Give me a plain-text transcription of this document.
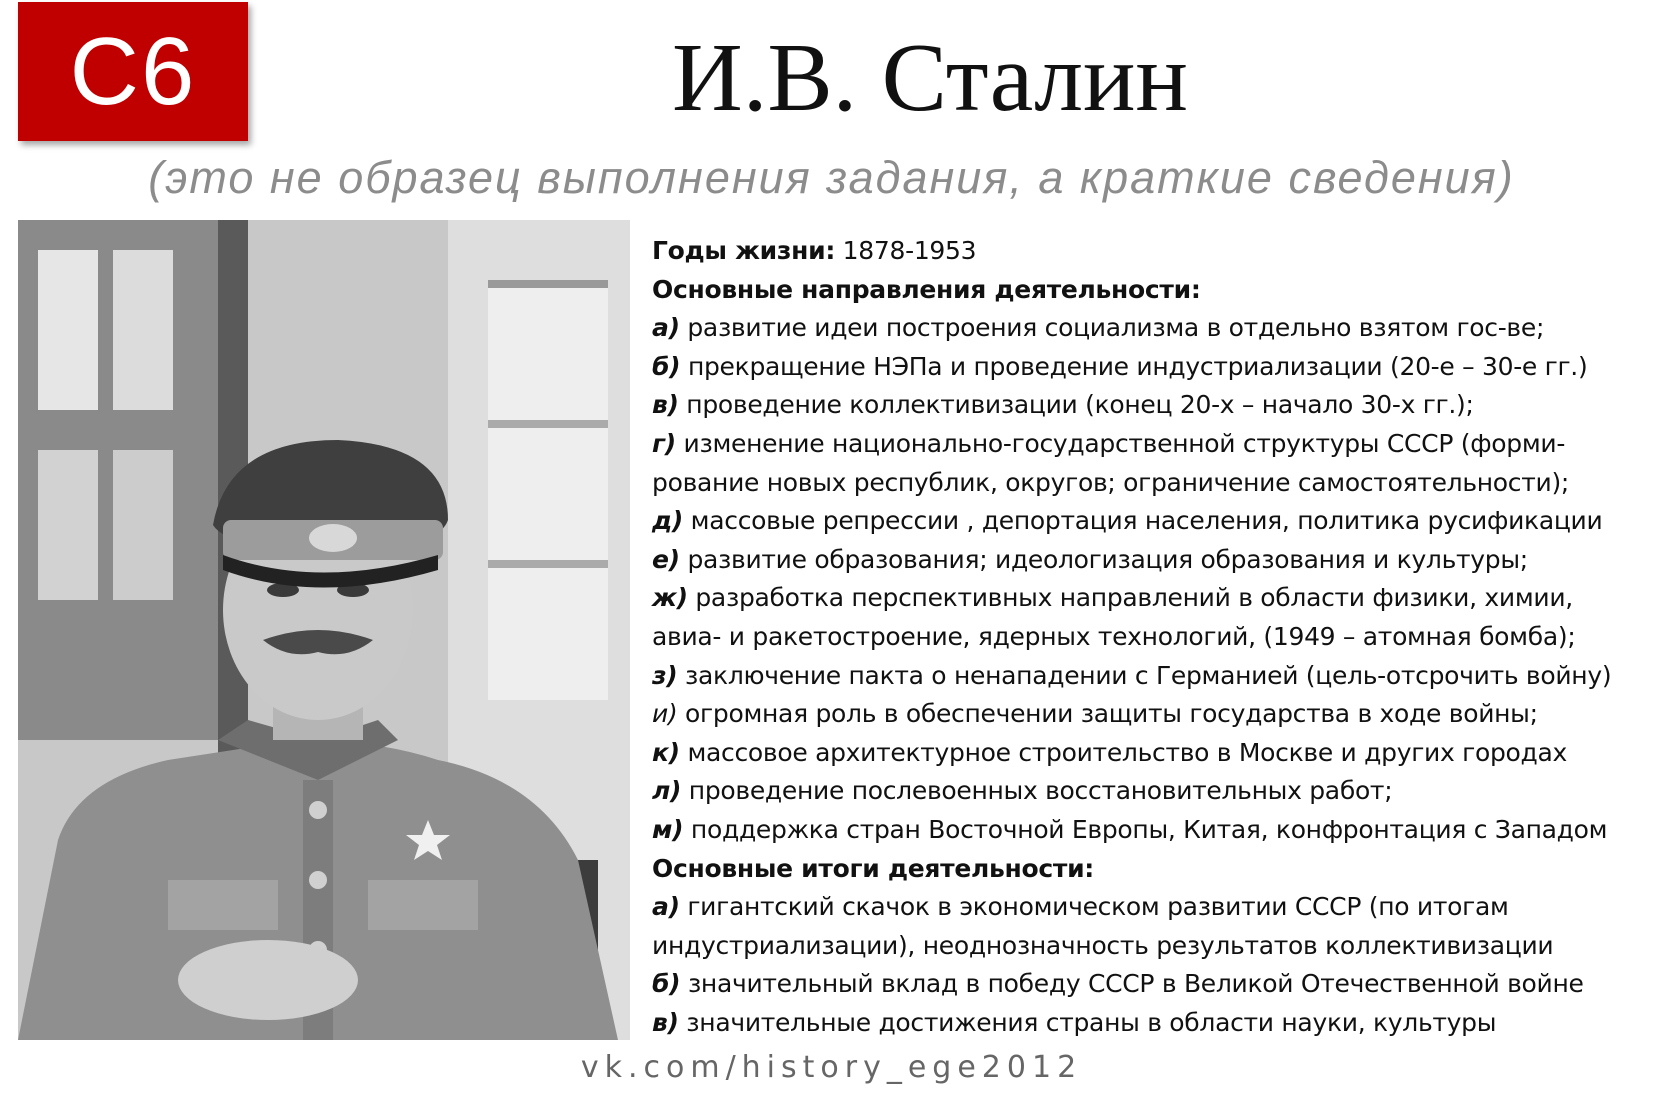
С6	И.В. Сталин
(это не образец выполнения задания, а краткие сведения)
Годы жизни: 1878-1953
Основные направления деятельности:
а) развитие идеи построения социализма в отдельно взятом гос-ве;
б) прекращение НЭПа и проведение индустриализации (20-е – 30-е гг.)
в) проведение коллективизации (конец 20-х – начало 30-х гг.);
г) изменение национально-государственной структуры СССР (форми-
рование новых республик, округов; ограничение самостоятельности);
д) массовые репрессии , депортация населения, политика русификации
е) развитие образования; идеологизация образования и культуры;
ж) разработка перспективных направлений в области физики, химии,
авиа- и ракетостроение, ядерных технологий, (1949 – атомная бомба);
з) заключение пакта о ненападении с Германией (цель-отсрочить войну)
и) огромная роль в обеспечении защиты государства в ходе войны;
к) массовое архитектурное строительство в Москве и других городах
л) проведение послевоенных восстановительных работ;
м) поддержка стран Восточной Европы, Китая, конфронтация с Западом
Основные итоги деятельности:
а) гигантский скачок в экономическом развитии СССР (по итогам
индустриализации), неоднозначность результатов коллективизации
б) значительный вклад в победу СССР в Великой Отечественной войне
в) значительные достижения страны в области науки, культуры
vk.com/history_ege2012
